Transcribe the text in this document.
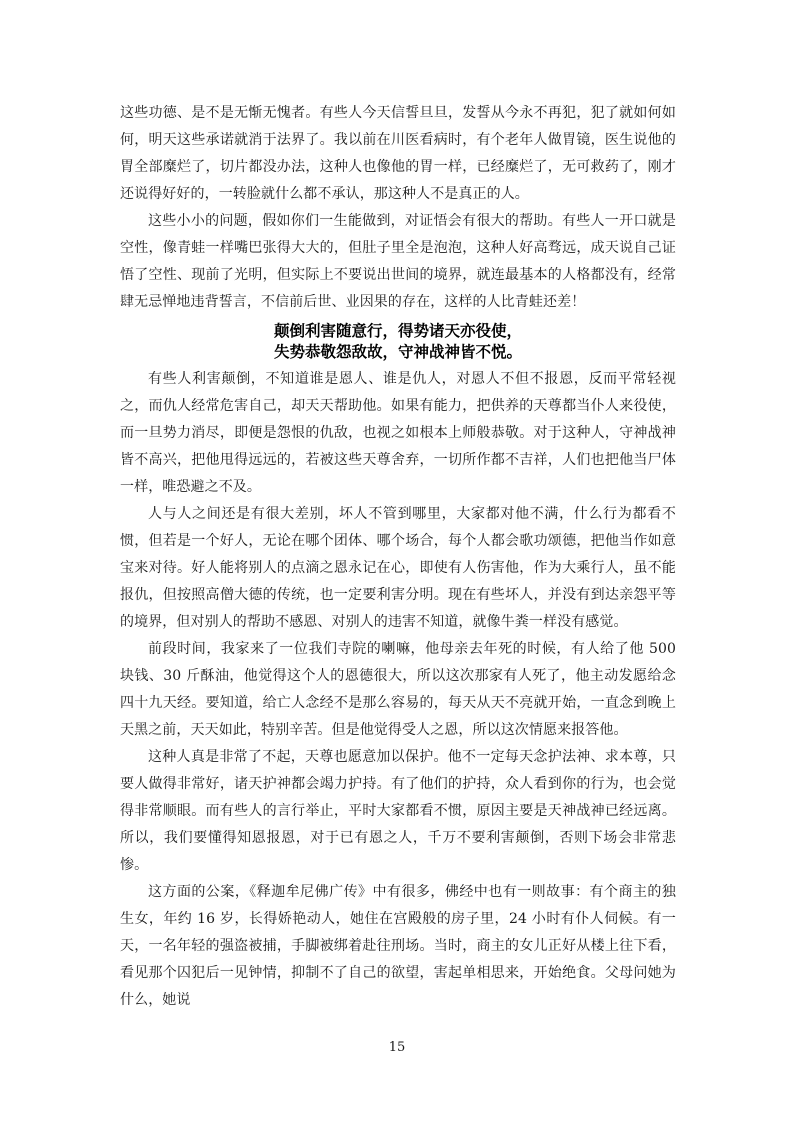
这些功德、是不是无惭无愧者。有些人今天信誓旦旦，发誓从今永不再犯，犯了就如何如何，明天这些承诺就消于法界了。我以前在川医看病时，有个老年人做胃镜，医生说他的胃全部糜烂了，切片都没办法，这种人也像他的胃一样，已经糜烂了，无可救药了，刚才还说得好好的，一转脸就什么都不承认，那这种人不是真正的人。

这些小小的问题，假如你们一生能做到，对证悟会有很大的帮助。有些人一开口就是空性，像青蛙一样嘴巴张得大大的，但肚子里全是泡泡，这种人好高骛远，成天说自己证悟了空性、现前了光明，但实际上不要说出世间的境界，就连最基本的人格都没有，经常肆无忌惮地违背誓言，不信前后世、业因果的存在，这样的人比青蛙还差！

颠倒利害随意行，得势诸天亦役使，
失势恭敬怨敌故，守神战神皆不悦。

有些人利害颠倒，不知道谁是恩人、谁是仇人，对恩人不但不报恩，反而平常轻视之，而仇人经常危害自己，却天天帮助他。如果有能力，把供养的天尊都当仆人来役使，而一旦势力消尽，即便是怨恨的仇敌，也视之如根本上师般恭敬。对于这种人，守神战神皆不高兴，把他甩得远远的，若被这些天尊舍弃，一切所作都不吉祥，人们也把他当尸体一样，唯恐避之不及。

人与人之间还是有很大差别，坏人不管到哪里，大家都对他不满，什么行为都看不惯，但若是一个好人，无论在哪个团体、哪个场合，每个人都会歌功颂德，把他当作如意宝来对待。好人能将别人的点滴之恩永记在心，即使有人伤害他，作为大乘行人，虽不能报仇，但按照高僧大德的传统，也一定要利害分明。现在有些坏人，并没有到达亲怨平等的境界，但对别人的帮助不感恩、对别人的违害不知道，就像牛粪一样没有感觉。

前段时间，我家来了一位我们寺院的喇嘛，他母亲去年死的时候，有人给了他 500 块钱、30 斤酥油，他觉得这个人的恩德很大，所以这次那家有人死了，他主动发愿给念四十九天经。要知道，给亡人念经不是那么容易的，每天从天不亮就开始，一直念到晚上天黑之前，天天如此，特别辛苦。但是他觉得受人之恩，所以这次情愿来报答他。

这种人真是非常了不起，天尊也愿意加以保护。他不一定每天念护法神、求本尊，只要人做得非常好，诸天护神都会竭力护持。有了他们的护持，众人看到你的行为，也会觉得非常顺眼。而有些人的言行举止，平时大家都看不惯，原因主要是天神战神已经远离。所以，我们要懂得知恩报恩，对于已有恩之人，千万不要利害颠倒，否则下场会非常悲惨。

这方面的公案，《释迦牟尼佛广传》中有很多，佛经中也有一则故事：有个商主的独生女，年约 16 岁，长得娇艳动人，她住在宫殿般的房子里，24 小时有仆人伺候。有一天，一名年轻的强盗被捕，手脚被绑着赴往刑场。当时，商主的女儿正好从楼上往下看，看见那个囚犯后一见钟情，抑制不了自己的欲望，害起单相思来，开始绝食。父母问她为什么，她说

15
